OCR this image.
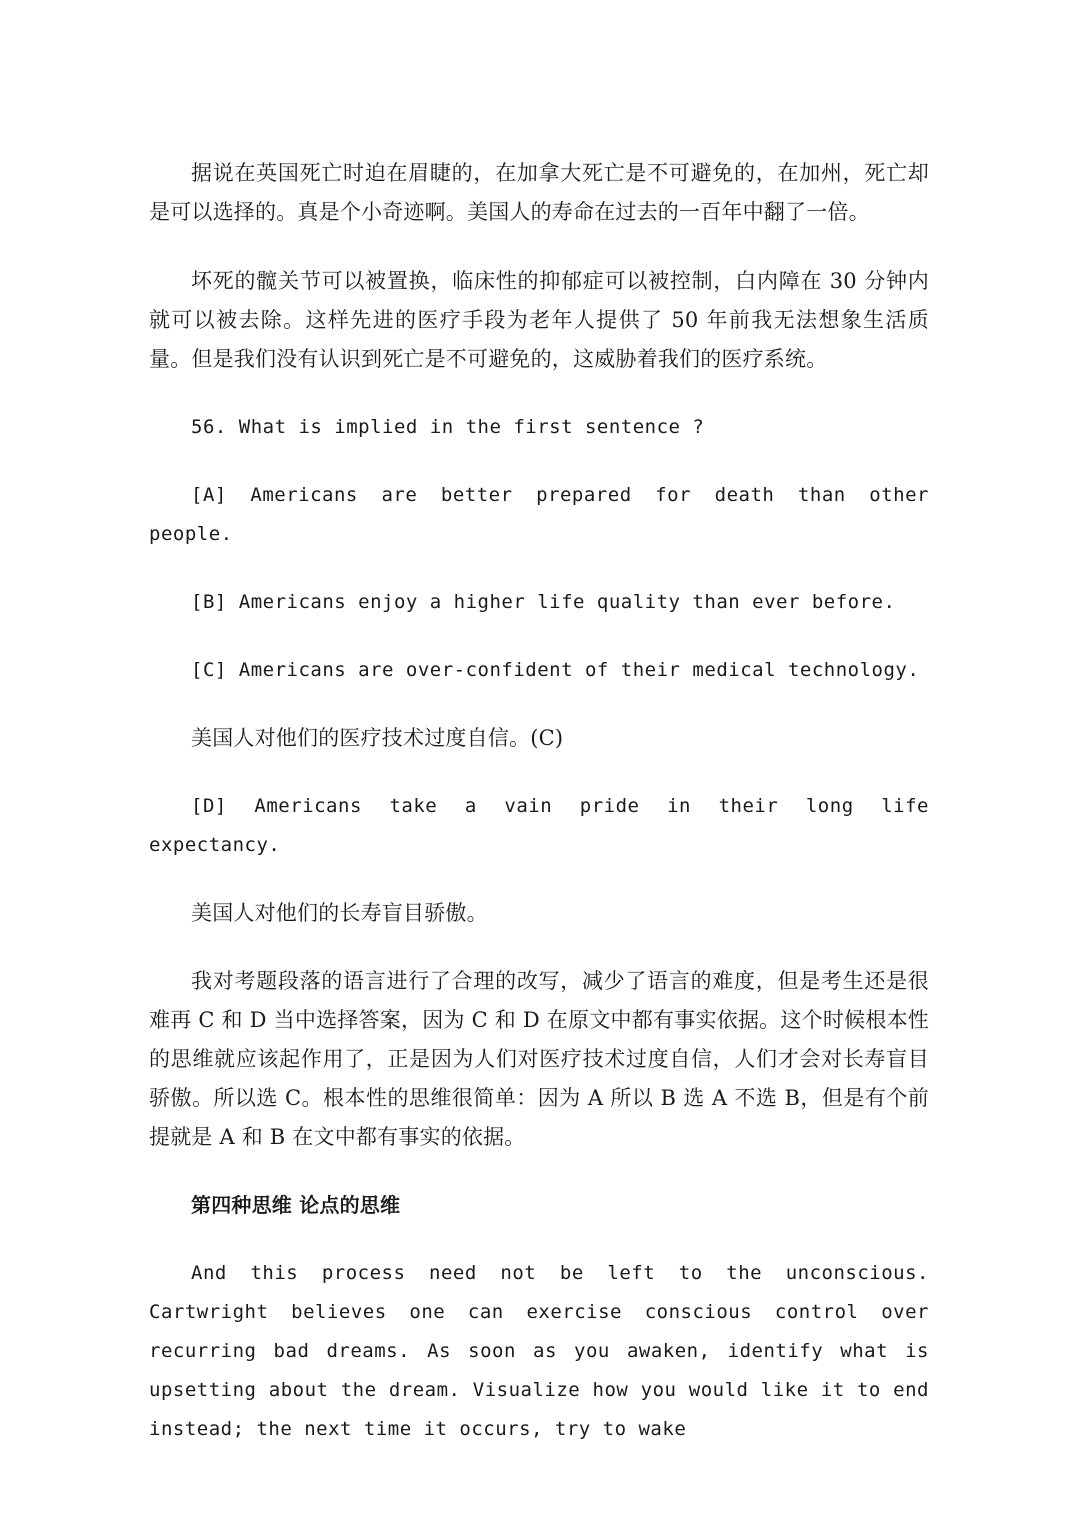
据说在英国死亡时迫在眉睫的，在加拿大死亡是不可避免的，在加州，死亡却是可以选择的。真是个小奇迹啊。美国人的寿命在过去的一百年中翻了一倍。

坏死的髋关节可以被置换，临床性的抑郁症可以被控制，白内障在 30 分钟内就可以被去除。这样先进的医疗手段为老年人提供了 50 年前我无法想象生活质量。但是我们没有认识到死亡是不可避免的，这威胁着我们的医疗系统。

56. What is implied in the first sentence ?

[A] Americans are better prepared for death than other people.

[B] Americans enjoy a higher life quality than ever before.

[C] Americans are over-confident of their medical technology.

美国人对他们的医疗技术过度自信。(C)

[D] Americans take a vain pride in their long life expectancy.

美国人对他们的长寿盲目骄傲。

我对考题段落的语言进行了合理的改写，减少了语言的难度，但是考生还是很难再 C 和 D 当中选择答案，因为 C 和 D 在原文中都有事实依据。这个时候根本性的思维就应该起作用了，正是因为人们对医疗技术过度自信，人们才会对长寿盲目骄傲。所以选 C。根本性的思维很简单：因为 A 所以 B 选 A 不选 B，但是有个前提就是 A 和 B 在文中都有事实的依据。

第四种思维 论点的思维

And this process need not be left to the unconscious. Cartwright believes one can exercise conscious control over recurring bad dreams. As soon as you awaken, identify what is upsetting about the dream. Visualize how you would like it to end instead; the next time it occurs, try to wake
